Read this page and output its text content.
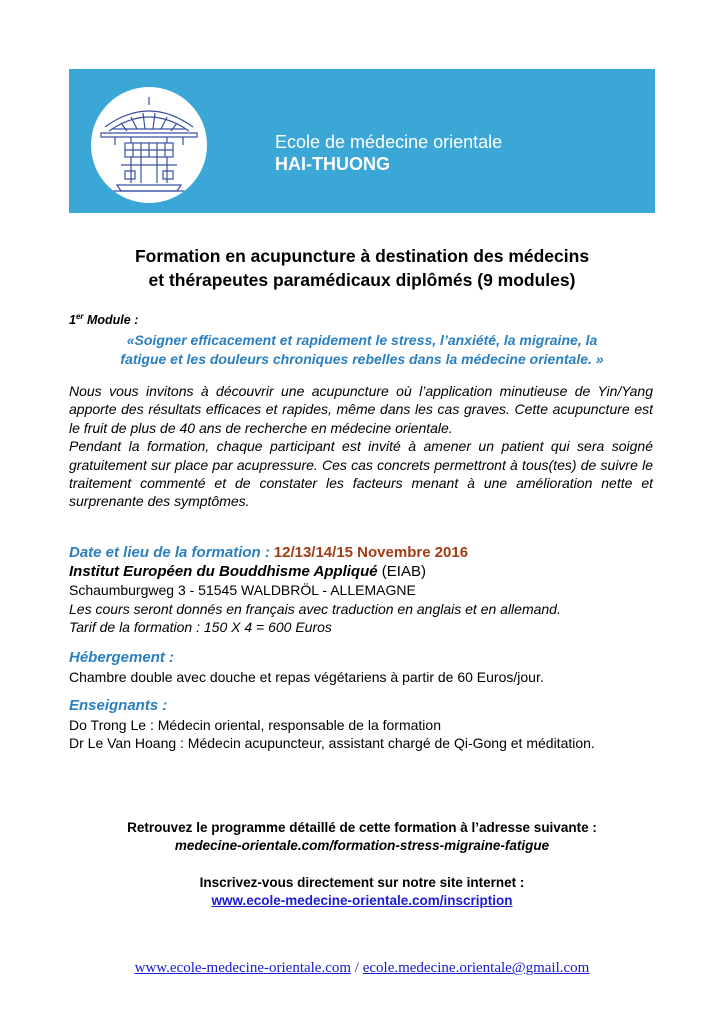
Ecole de médecine orientale
HAI-THUONG
Formation en acupuncture à destination des médecins
et thérapeutes paramédicaux diplômés (9 modules)
1er Module :
«Soigner efficacement et rapidement le stress, l’anxiété, la migraine, la
fatigue et les douleurs chroniques rebelles dans la médecine orientale. »

Nous vous invitons à découvrir une acupuncture où l’application minutieuse de Yin/Yang apporte des résultats efficaces et rapides, même dans les cas graves. Cette acupuncture est le fruit de plus de 40 ans de recherche en médecine orientale.

Pendant la formation, chaque participant est invité à amener un patient qui sera soigné gratuitement sur place par acupressure. Ces cas concrets permettront à tous(tes) de suivre le traitement commenté et de constater les facteurs menant à une amélioration nette et surprenante des symptômes.

Date et lieu de la formation : 12/13/14/15 Novembre 2016
Institut Européen du Bouddhisme Appliqué (EIAB)
Schaumburgweg 3 - 51545 WALDBRÖL - ALLEMAGNE
Les cours seront donnés en français avec traduction en anglais et en allemand.
Tarif de la formation : 150 X 4 = 600 Euros
Hébergement :
Chambre double avec douche et repas végétariens à partir de 60 Euros/jour.
Enseignants :
Do Trong Le : Médecin oriental, responsable de la formation
Dr Le Van Hoang : Médecin acupuncteur, assistant chargé de Qi-Gong et méditation.
Retrouvez le programme détaillé de cette formation à l’adresse suivante :
medecine-orientale.com/formation-stress-migraine-fatigue
Inscrivez-vous directement sur notre site internet :
www.ecole-medecine-orientale.com/inscription
www.ecole-medecine-orientale.com / ecole.medecine.orientale@gmail.com
